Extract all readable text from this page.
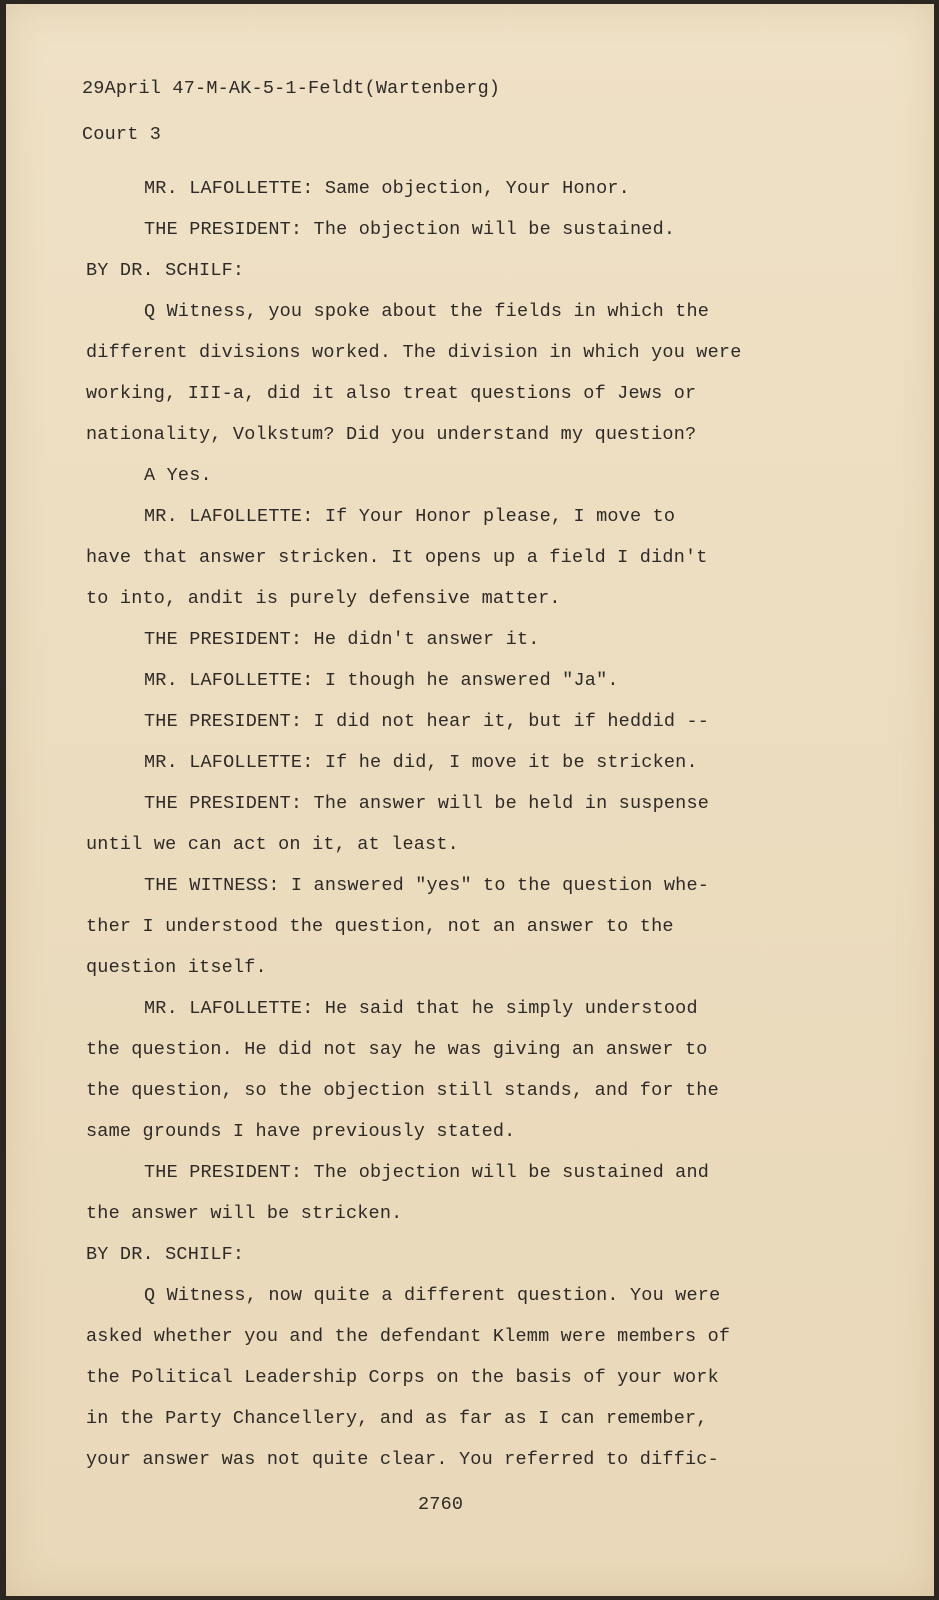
29April 47-M-AK-5-1-Feldt(Wartenberg)
Court 3
MR. LAFOLLETTE: Same objection, Your Honor.
THE PRESIDENT: The objection will be sustained.
BY DR. SCHILF:
Q Witness, you spoke about the fields in which the
different divisions worked. The division in which you were
working, III-a, did it also treat questions of Jews or
nationality, Volkstum? Did you understand my question?
A Yes.
MR. LAFOLLETTE: If Your Honor please, I move to
have that answer stricken. It opens up a field I didn't
to into, andit is purely defensive matter.
THE PRESIDENT: He didn't answer it.
MR. LAFOLLETTE: I though he answered "Ja".
THE PRESIDENT: I did not hear it, but if heddid --
MR. LAFOLLETTE: If he did, I move it be stricken.
THE PRESIDENT: The answer will be held in suspense
until we can act on it, at least.
THE WITNESS: I answered "yes" to the question whe-
ther I understood the question, not an answer to the
question itself.
MR. LAFOLLETTE: He said that he simply understood
the question. He did not say he was giving an answer to
the question, so the objection still stands, and for the
same grounds I have previously stated.
THE PRESIDENT: The objection will be sustained and
the answer will be stricken.
BY DR. SCHILF:
Q Witness, now quite a different question. You were
asked whether you and the defendant Klemm were members of
the Political Leadership Corps on the basis of your work
in the Party Chancellery, and as far as I can remember,
your answer was not quite clear. You referred to diffic-
2760
